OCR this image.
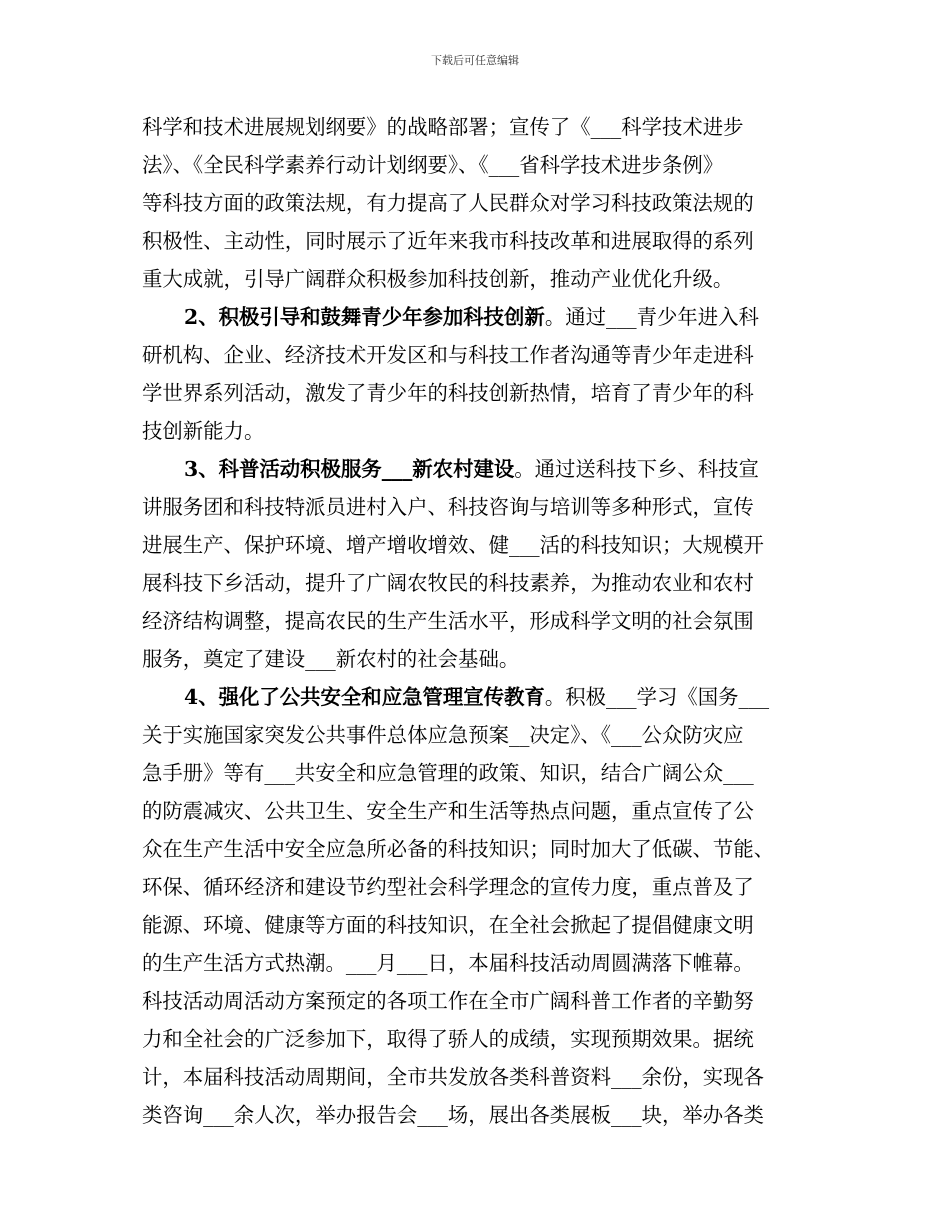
下载后可任意编辑
科学和技术进展规划纲要》的战略部署；宣传了《___科学技术进步
法》、《全民科学素养行动计划纲要》、《___省科学技术进步条例》
等科技方面的政策法规，有力提高了人民群众对学习科技政策法规的
积极性、主动性，同时展示了近年来我市科技改革和进展取得的系列
重大成就，引导广阔群众积极参加科技创新，推动产业优化升级。
2、积极引导和鼓舞青少年参加科技创新。通过___青少年进入科
研机构、企业、经济技术开发区和与科技工作者沟通等青少年走进科
学世界系列活动，激发了青少年的科技创新热情，培育了青少年的科
技创新能力。
3、科普活动积极服务___新农村建设。通过送科技下乡、科技宣
讲服务团和科技特派员进村入户、科技咨询与培训等多种形式，宣传
进展生产、保护环境、增产增收增效、健___活的科技知识；大规模开
展科技下乡活动，提升了广阔农牧民的科技素养，为推动农业和农村
经济结构调整，提高农民的生产生活水平，形成科学文明的社会氛围
服务，奠定了建设___新农村的社会基础。
4、强化了公共安全和应急管理宣传教育。积极___学习《国务___
关于实施国家突发公共事件总体应急预案__决定》、《___公众防灾应
急手册》等有___共安全和应急管理的政策、知识，结合广阔公众___
的防震减灾、公共卫生、安全生产和生活等热点问题，重点宣传了公
众在生产生活中安全应急所必备的科技知识；同时加大了低碳、节能、
环保、循环经济和建设节约型社会科学理念的宣传力度，重点普及了
能源、环境、健康等方面的科技知识，在全社会掀起了提倡健康文明
的生产生活方式热潮。___月___日，本届科技活动周圆满落下帷幕。
科技活动周活动方案预定的各项工作在全市广阔科普工作者的辛勤努
力和全社会的广泛参加下，取得了骄人的成绩，实现预期效果。据统
计，本届科技活动周期间，全市共发放各类科普资料___余份，实现各
类咨询___余人次，举办报告会___场，展出各类展板___块，举办各类
